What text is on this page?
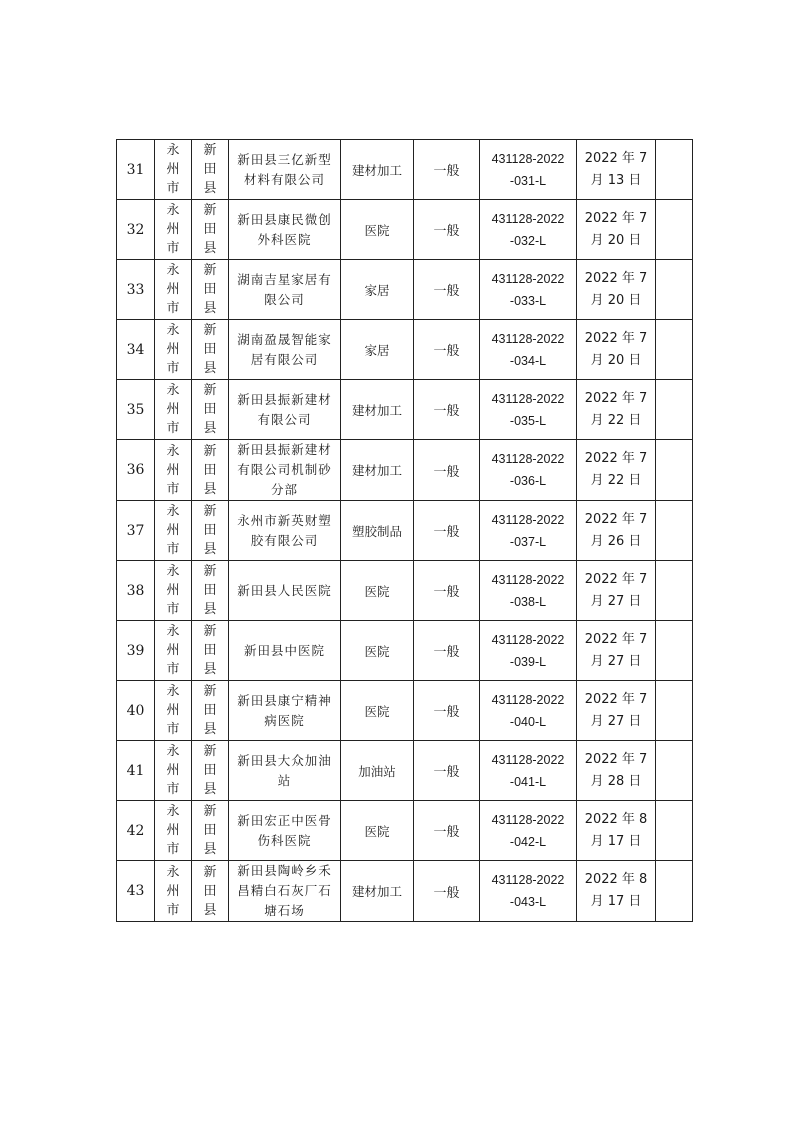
31	永
州
市	新
田
县	新田县三亿新型
材料有限公司	建材加工	一般	431128-2022
-031-L	2022 年 7
月 13 日	

32	永
州
市	新
田
县	新田县康民微创
外科医院	医院	一般	431128-2022
-032-L	2022 年 7
月 20 日	

33	永
州
市	新
田
县	湖南吉星家居有
限公司	家居	一般	431128-2022
-033-L	2022 年 7
月 20 日	

34	永
州
市	新
田
县	湖南盈晟智能家
居有限公司	家居	一般	431128-2022
-034-L	2022 年 7
月 20 日	

35	永
州
市	新
田
县	新田县振新建材
有限公司	建材加工	一般	431128-2022
-035-L	2022 年 7
月 22 日	

36	永
州
市	新
田
县	新田县振新建材
有限公司机制砂
分部	建材加工	一般	431128-2022
-036-L	2022 年 7
月 22 日	

37	永
州
市	新
田
县	永州市新英财塑
胶有限公司	塑胶制品	一般	431128-2022
-037-L	2022 年 7
月 26 日	

38	永
州
市	新
田
县	新田县人民医院	医院	一般	431128-2022
-038-L	2022 年 7
月 27 日	

39	永
州
市	新
田
县	新田县中医院	医院	一般	431128-2022
-039-L	2022 年 7
月 27 日	

40	永
州
市	新
田
县	新田县康宁精神
病医院	医院	一般	431128-2022
-040-L	2022 年 7
月 27 日	

41	永
州
市	新
田
县	新田县大众加油
站	加油站	一般	431128-2022
-041-L	2022 年 7
月 28 日	

42	永
州
市	新
田
县	新田宏正中医骨
伤科医院	医院	一般	431128-2022
-042-L	2022 年 8
月 17 日	

43	永
州
市	新
田
县	新田县陶岭乡禾
昌精白石灰厂石
塘石场	建材加工	一般	431128-2022
-043-L	2022 年 8
月 17 日	
